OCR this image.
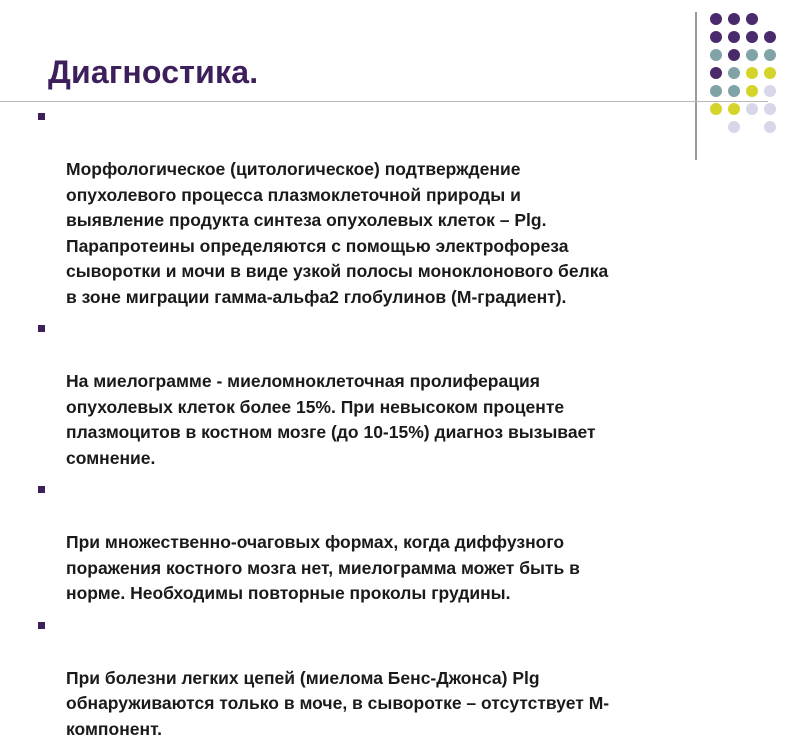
Диагностика.

Морфологическое (цитологическое) подтверждение
опухолевого процесса плазмоклеточной природы и
выявление продукта синтеза опухолевых клеток – Plg.
Парапротеины определяются с помощью электрофореза
сыворотки и мочи в виде узкой полосы моноклонового белка
в зоне миграции гамма-альфа2 глобулинов (М-градиент).

На миелограмме - миеломноклеточная пролиферация
опухолевых клеток более 15%. При невысоком проценте
плазмоцитов в костном мозге (до 10-15%) диагноз вызывает
сомнение.

При множественно-очаговых формах, когда диффузного
поражения костного мозга нет, миелограмма может быть в
норме. Необходимы повторные проколы грудины.

При болезни легких цепей (миелома Бенс-Джонса) Plg
обнаруживаются только в моче, в сыворотке – отсутствует М-
компонент.
